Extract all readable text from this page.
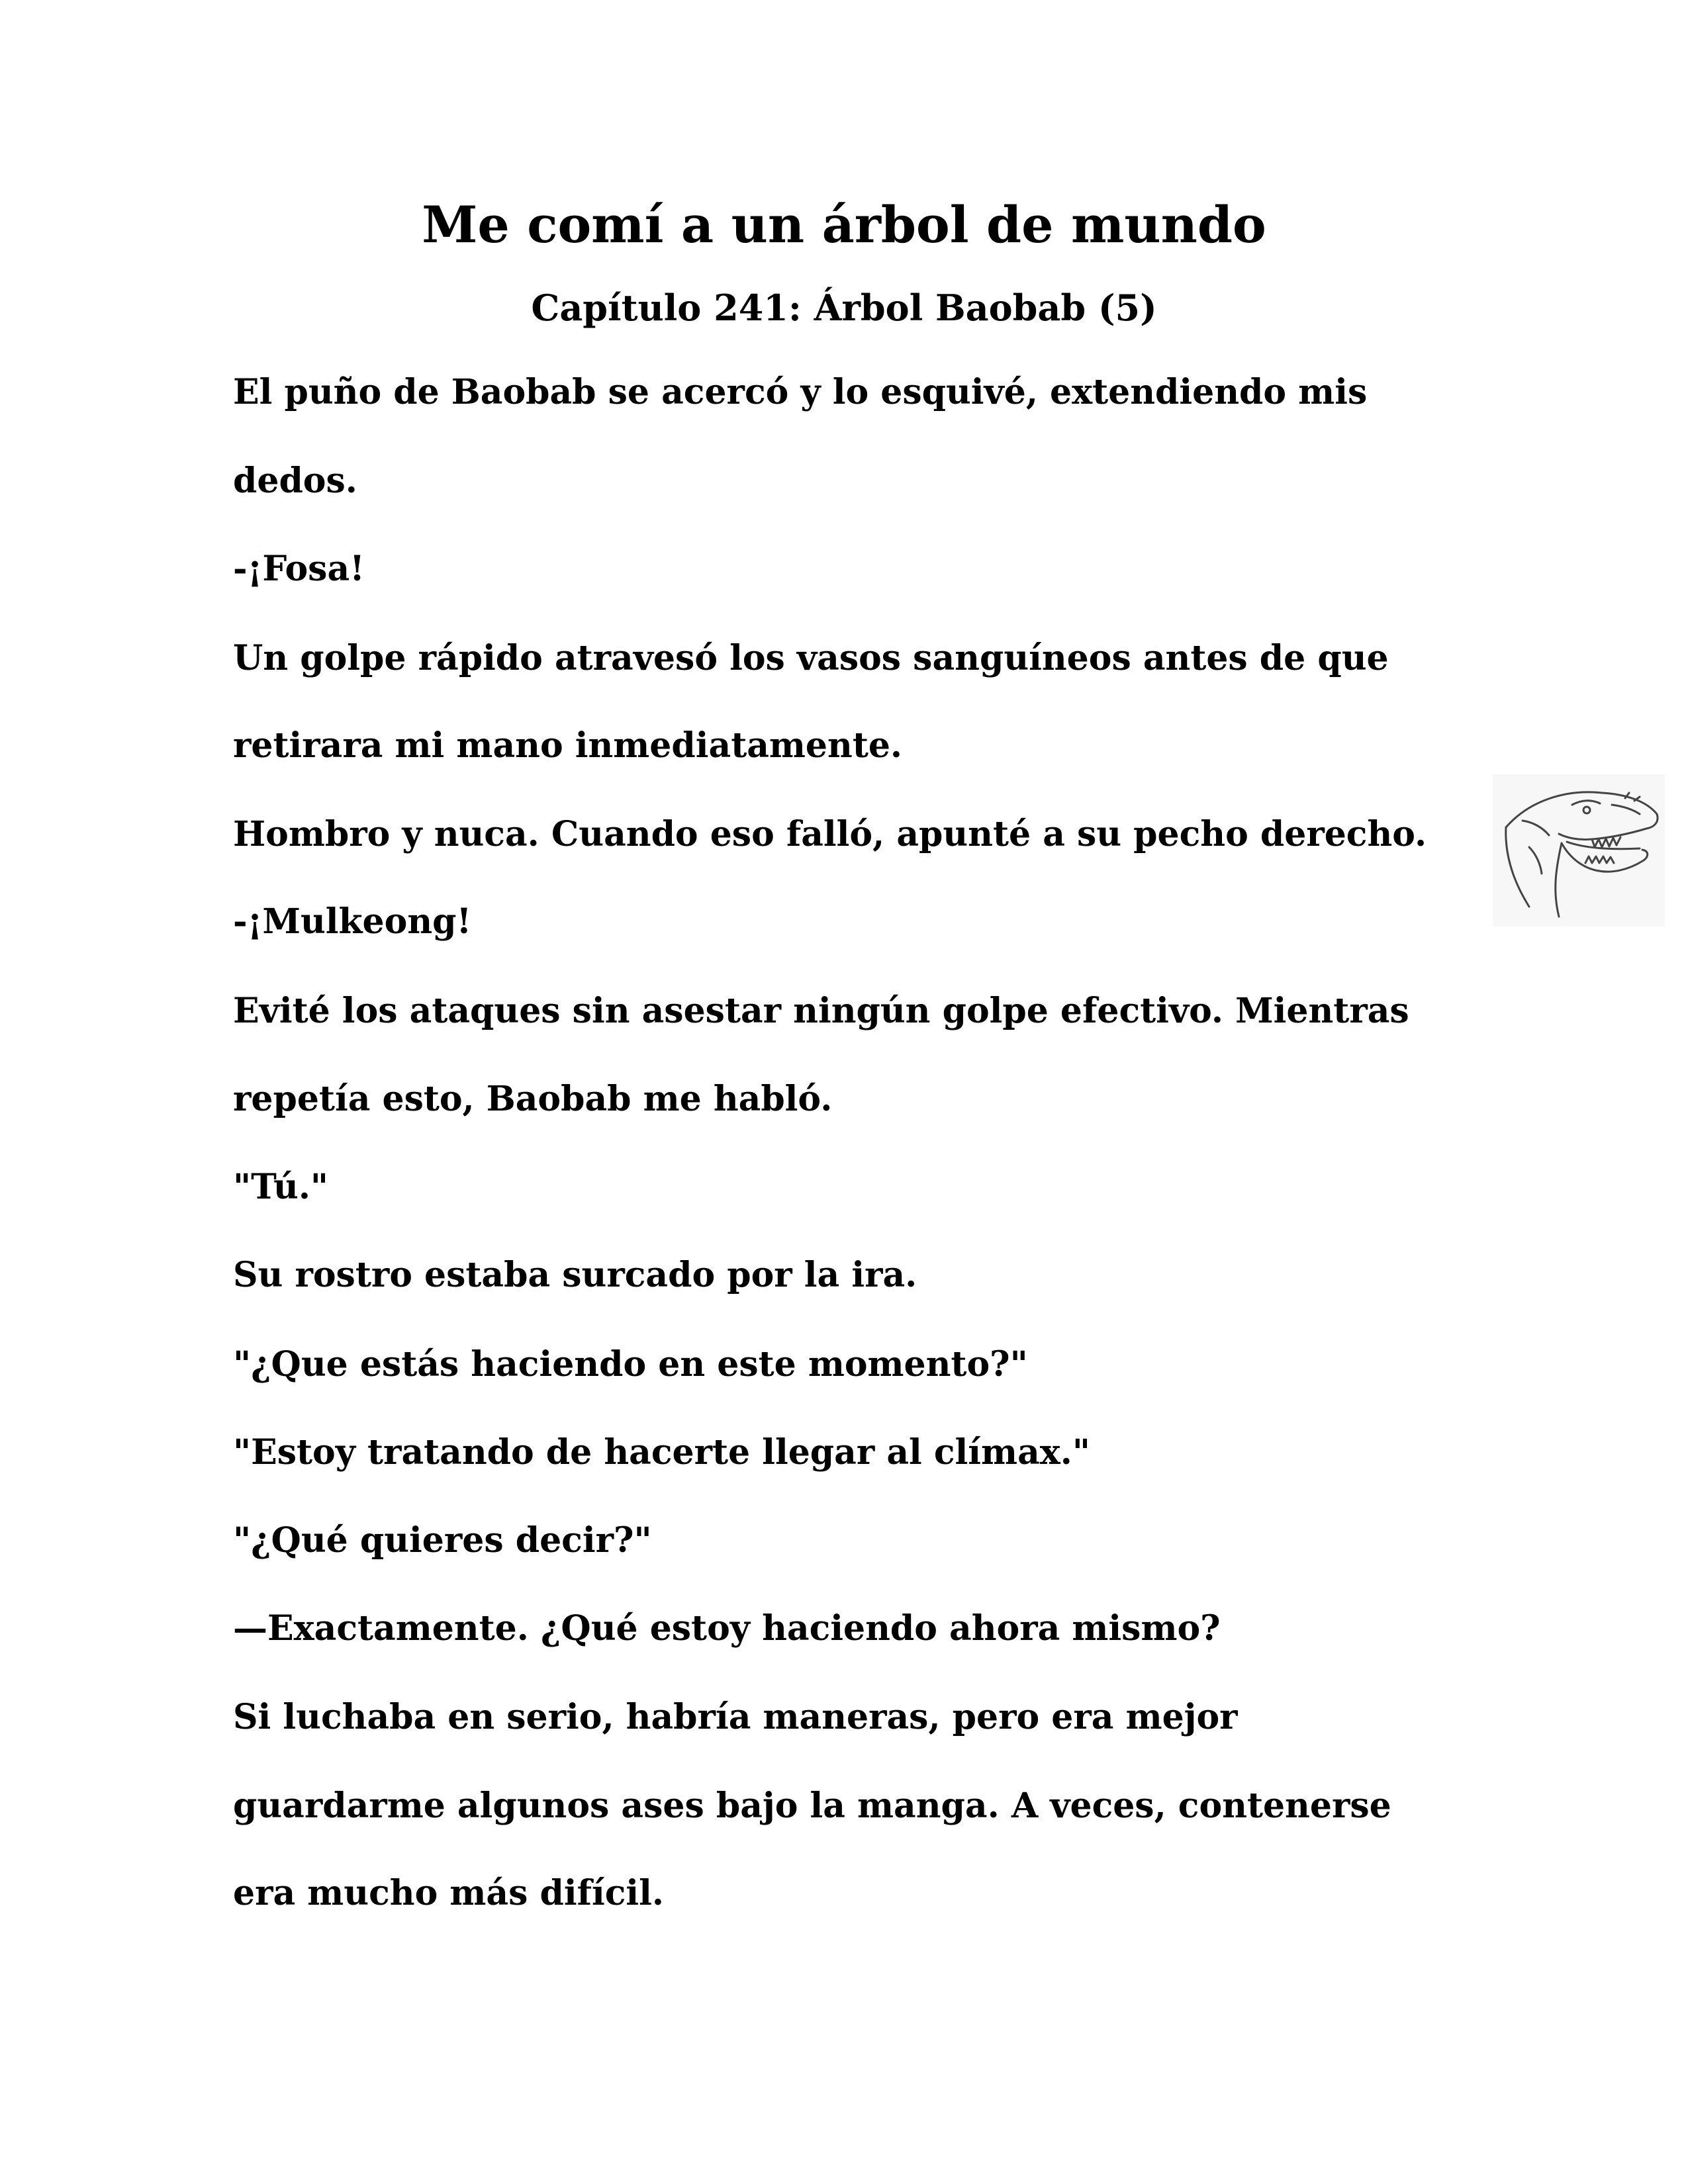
Me comí a un árbol de mundo
Capítulo 241: Árbol Baobab (5)

El puño de Baobab se acercó y lo esquivé, extendiendo mis

dedos.

-¡Fosa!

Un golpe rápido atravesó los vasos sanguíneos antes de que

retirara mi mano inmediatamente.

Hombro y nuca. Cuando eso falló, apunté a su pecho derecho.

-¡Mulkeong!

Evité los ataques sin asestar ningún golpe efectivo. Mientras

repetía esto, Baobab me habló.

"Tú."

Su rostro estaba surcado por la ira.

"¿Que estás haciendo en este momento?"

"Estoy tratando de hacerte llegar al clímax."

"¿Qué quieres decir?"

—Exactamente. ¿Qué estoy haciendo ahora mismo?

Si luchaba en serio, habría maneras, pero era mejor

guardarme algunos ases bajo la manga. A veces, contenerse

era mucho más difícil.
